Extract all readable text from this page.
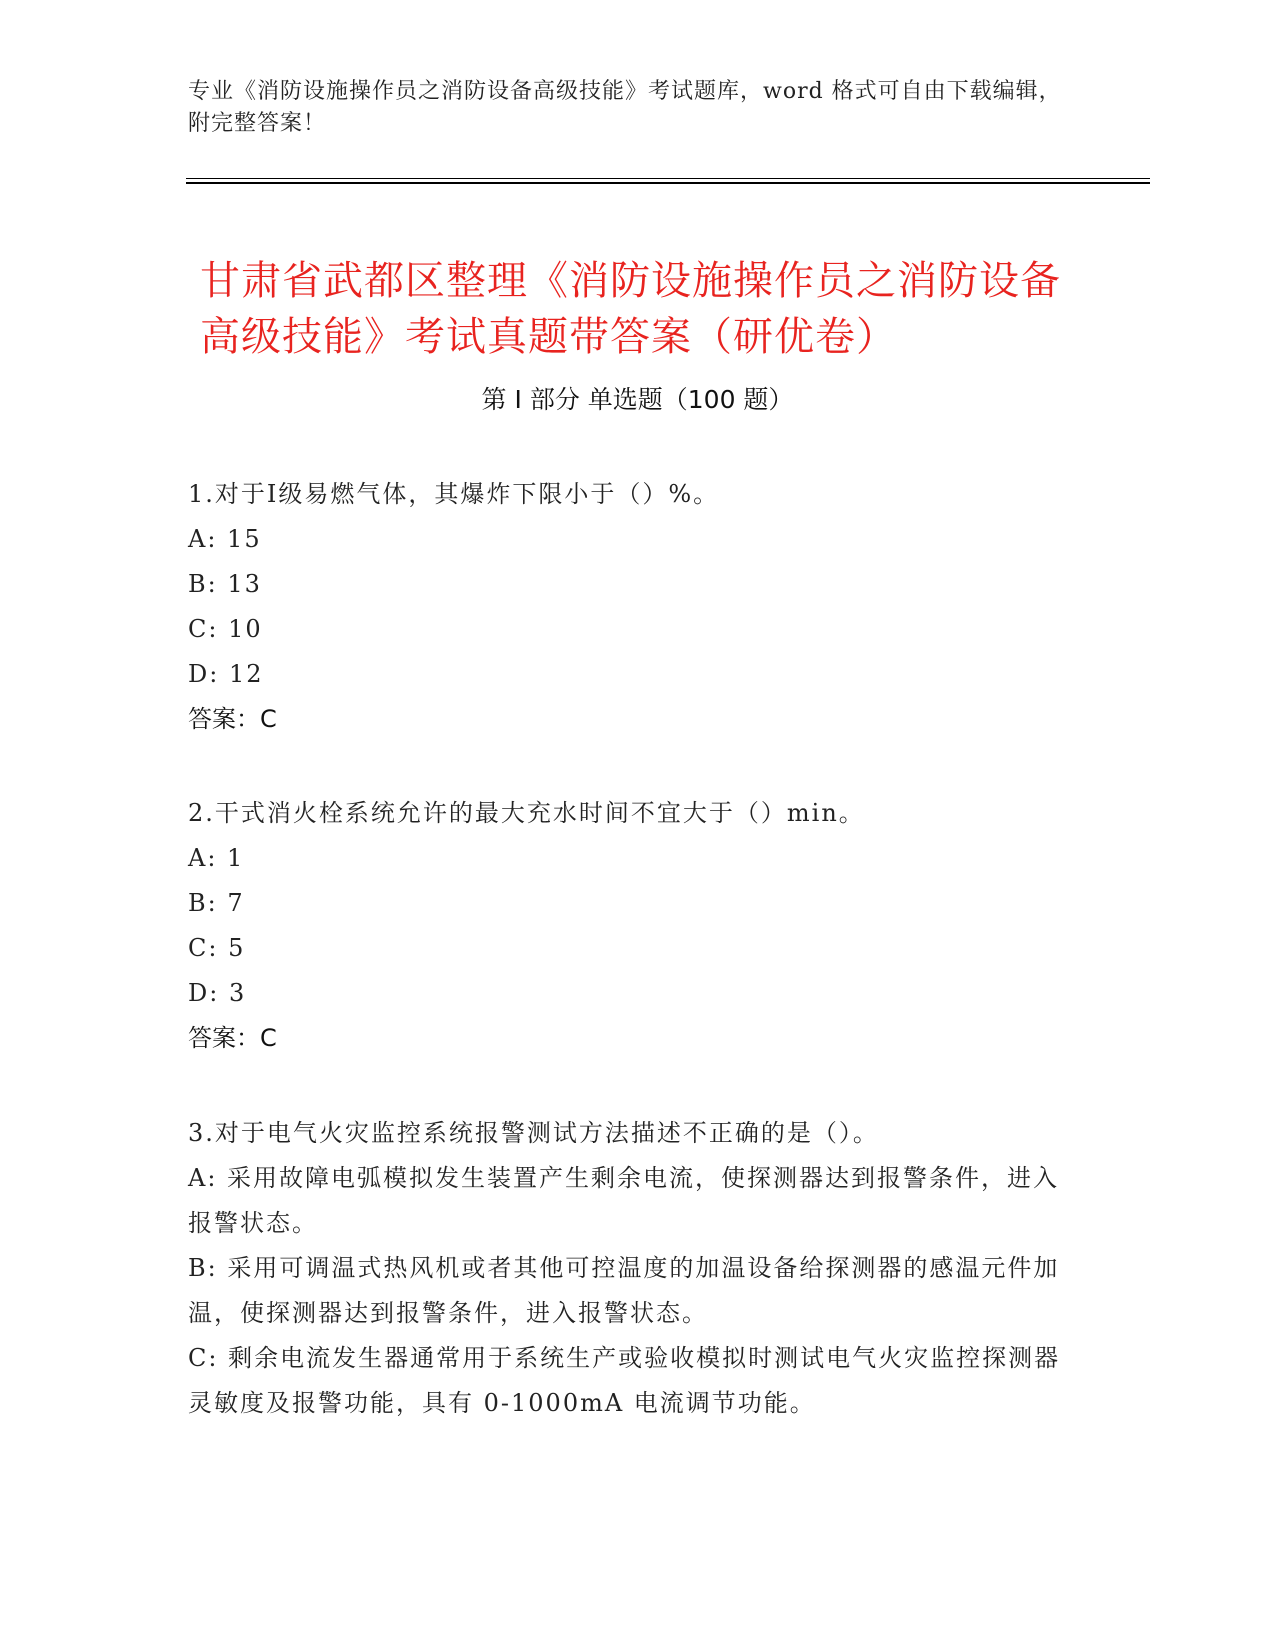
专业《消防设施操作员之消防设备高级技能》考试题库，word 格式可自由下载编辑，附完整答案！
甘肃省武都区整理《消防设施操作员之消防设备高级技能》考试真题带答案（研优卷）
第 I 部分 单选题（100 题）
1.对于Ⅰ级易燃气体，其爆炸下限小于（）%。
A: 15
B: 13
C: 10
D: 12
答案：C
2.干式消火栓系统允许的最大充水时间不宜大于（）min。
A: 1
B: 7
C: 5
D: 3
答案：C
3.对于电气火灾监控系统报警测试方法描述不正确的是（）。
A: 采用故障电弧模拟发生装置产生剩余电流，使探测器达到报警条件，进入报警状态。
B: 采用可调温式热风机或者其他可控温度的加温设备给探测器的感温元件加温，使探测器达到报警条件，进入报警状态。
C: 剩余电流发生器通常用于系统生产或验收模拟时测试电气火灾监控探测器灵敏度及报警功能，具有 0-1000mA 电流调节功能。
